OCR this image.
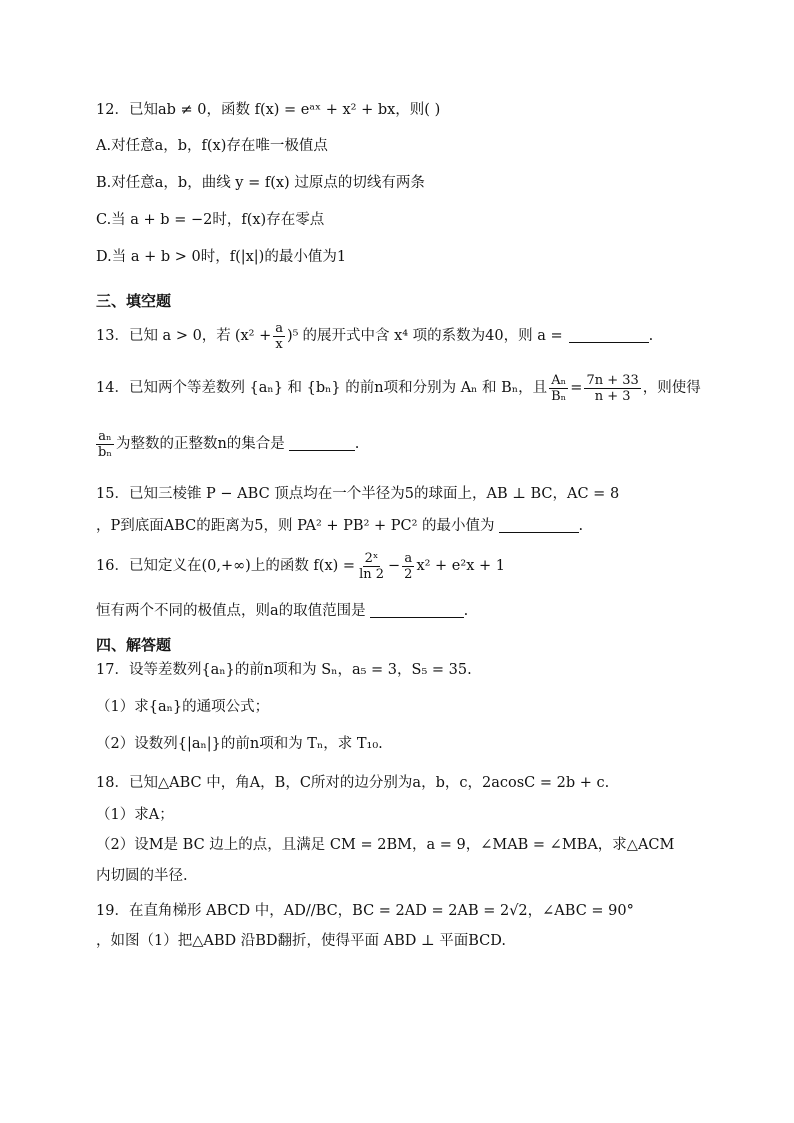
12．已知ab ≠ 0，函数 f(x) = eᵃˣ + x² + bx，则( )
A.对任意a，b，f(x)存在唯一极值点
B.对任意a，b，曲线 y = f(x) 过原点的切线有两条
C.当 a + b = −2时，f(x)存在零点
D.当 a + b > 0时，f(|x|)的最小值为1
三、填空题
13．已知 a > 0，若 $(x^2 + \frac{a}{x} )^5$ 的展开式中含 x⁴ 项的系数为40，则 a =	.
14．已知两个等差数列 {aₙ} 和 {bₙ} 的前n项和分别为 Aₙ 和 Bₙ，且 $\frac{\text{Aₙ}}{\text{Bₙ}} = \frac{7n + 33}{n + 3}$ ，则使得
$\frac{\text{aₙ}}{\text{bₙ}}$ 为整数的正整数n的集合是	.
15．已知三棱锥 P − ABC 顶点均在一个半径为5的球面上，AB ⊥ BC，AC = 8
，P到底面ABC的距离为5，则 PA² + PB² + PC² 的最小值为	.
16．已知定义在(0,+∞)上的函数 $f(x) = \frac{\text{2ˣ}}{\ln 2} - \frac{a}{2} x^2 + e^2x + 1$
恒有两个不同的极值点，则a的取值范围是	.
四、解答题
17．设等差数列{aₙ}的前n项和为 Sₙ，a₅ = 3，S₅ = 35.
（1）求{aₙ}的通项公式；
（2）设数列{|aₙ|}的前n项和为 Tₙ，求 T₁₀.
18．已知△ABC 中，角A，B，C所对的边分别为a，b，c，2acosC = 2b + c.
（1）求A；
（2）设M是 BC 边上的点，且满足 CM = 2BM，a = 9，∠MAB = ∠MBA，求△ACM
内切圆的半径.
19．在直角梯形 ABCD 中，AD//BC，BC = 2AD = 2AB = 2√2，∠ABC = 90°
，如图（1）把△ABD 沿BD翻折，使得平面 ABD ⊥ 平面BCD.
